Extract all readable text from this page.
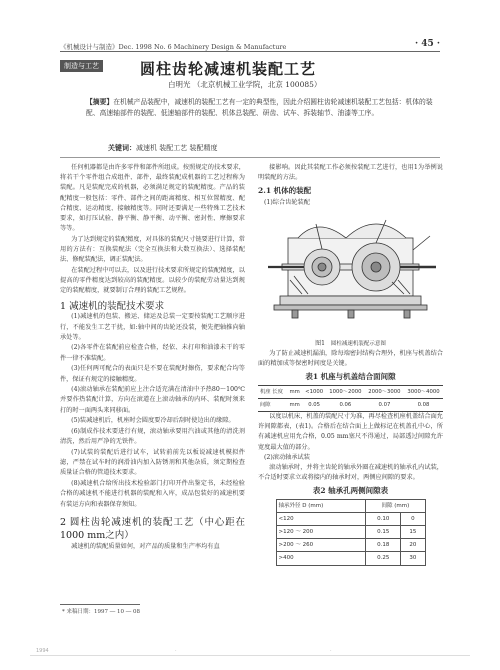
《机械设计与制造》Dec. 1998 No. 6 Machinery Design & Manufacture	· 45 ·
制造与工艺	圆柱齿轮减速机装配工艺
白明光 （北京机械工业学院，北京 100085）
【摘要】在机械产品装配中，减速机的装配工艺有一定的典型性，因此介绍圆柱齿轮减速机装配工艺包括：机体的装配、高速轴部件的装配、低速轴部件的装配、机体总装配、研齿、试车、拆装轴节、油漆等工序。
关键词：减速机 装配工艺 装配精度

任何机器都是由许多零件和部件所组成。按照规定的技术要求，将若干个零件组合成组件、部件，最终装配成机器的工艺过程称为装配。凡是装配完成的机器，必须满足规定的装配精度。产品的装配精度一般包括：零件、部件之间的距离精度、相互位置精度、配合精度、运动精度、接触精度等。同时还要满足一些特殊工艺技术要求，如打压试验、静平衡、静平衡、动平衡、密封性、摩擦要求等等。

为了达到规定的装配精度，对具体的装配尺寸链要进行计算，常用的方法有：互换装配法（完全互换法和大数互换法）、选择装配法、修配装配法，调正装配法。

在装配过程中可以去，以及进行技术要求所规定的装配精度，以提高的零件精度达到较高的装配精度。以较少的装配劳动量达到规定的装配精度，就要制订合理的装配工艺规程。

1 减速机的装配技术要求

(1)减速机的包装、搬运、储运及总装一定要按装配工艺顺序进行，不能发生工艺干扰，如:轴中间的齿轮还没装，便先把轴推向轴承处等。

(2)各零件在装配前应检查合格，经依、未打印和油漆未干的零件一律不准装配。

(3)任何两可配合的表面只是不要在装配时擦伤，要求配合均等件，保证有规定的接触精度。

(4)滚动轴承在装配前应上注合适充满在清油中予热80～100℃并要作热装配计算，方向在滚道在上滚动轴承的内环、装配时须来打的时一面两头来同移面。

(5)装减速机后，机座时会圆度要冷却后刮时使边出的缘隙。

(6)制成作技术要进行有规，滚动轴承要用汽油或其他的清洗剂清洗，然后用严净的无铁件。

(7)试装的装配后进行试车，试转前前先以板说减速机模拟件滤，严禁在试车时的润滑油内加入防锈剂和其他杂质，须定期检查质量证合格的管道技术要求。

(8)减速机合给所出技术检验部门打印开件出鉴定书，未经检验合格的减速机不能进行机器的装配和入库，成品包装好的减速机要有装运方向和表器保存须知。

2 圆柱齿轮减速机的装配工艺（中心距在1000 mm之内）

减速机的装配质量如何，对产品的质量和生产率均有直

接影响。因此其装配工作必须按装配工艺进行，也用1为举例说明装配的方法。

2.1 机体的装配

(1)综合齿轮装配

图1 圆柱减速机装配示意图

为了防止减速机漏油，除每端密封结构合理外，机座与机盖结合面的精加成等保密时间度是关键。

表1 机座与机盖结合面间隙

机座 长度	mm	<1000	1000～2000	2000～3000	3000～4000
间隙	mm	0.05	0.06	0.07	0.08

以度以机床，机盖的装配尺寸为准，再尽检查机座机盖结合面允许间隙都表，(表1)。合格后在结合面上上做标记在机盖孔中心，所有减速机应用允合格，0.05 mm塞尺不得通过，局部透过间隙允许宽度最大值的部分。

(2)滚动轴承试装

滚动轴承时，并将主齿轮的轴承外圈在减速机的轴承孔内试装，不合适时要求立或将接内的轴承时对，两侧应间隙的要求。

表2 轴承孔两侧间隙表

轴承外径 D (mm)	间隙 (mm)	
<120	0.10	0
>120 ～ 200	0.15	15
>200 ～ 260	0.18	20
>400	0.25	30
* 来稿日期：1997 ― 10 ― 08
1994	·	·
